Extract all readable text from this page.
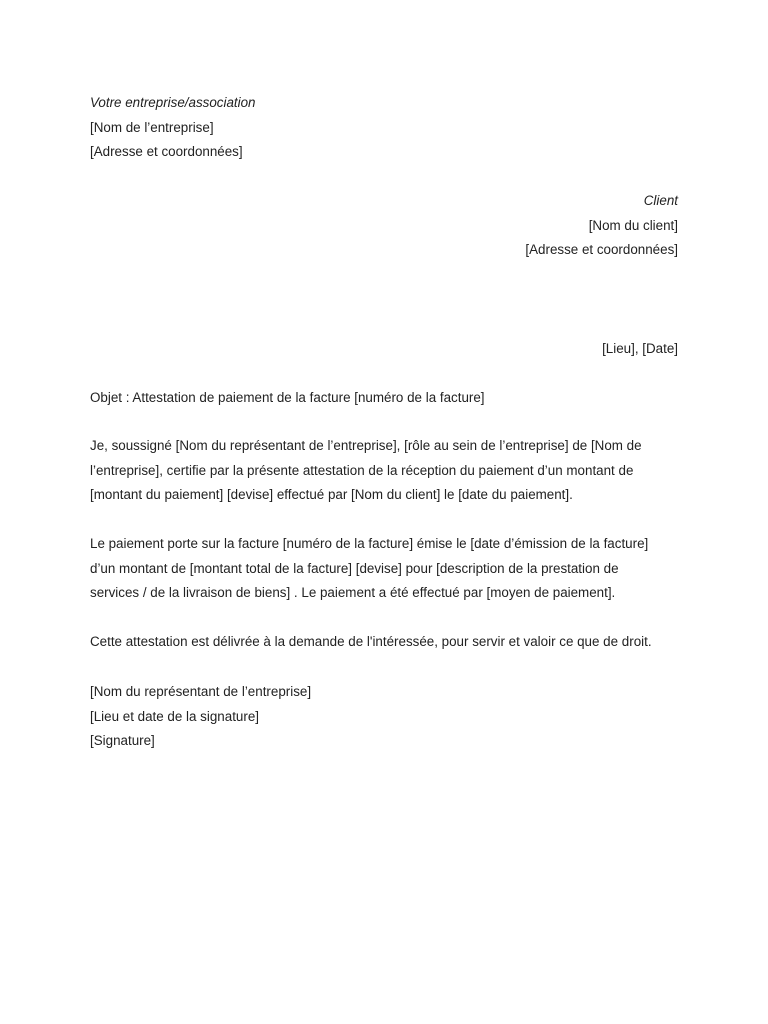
Votre entreprise/association
[Nom de l’entreprise]
[Adresse et coordonnées]
Client
[Nom du client]
[Adresse et coordonnées]
[Lieu], [Date]
Objet : Attestation de paiement de la facture [numéro de la facture]
Je, soussigné [Nom du représentant de l’entreprise], [rôle au sein de l’entreprise] de [Nom de
l’entreprise], certifie par la présente attestation de la réception du paiement d’un montant de
[montant du paiement] [devise] effectué par [Nom du client] le [date du paiement].
Le paiement porte sur la facture [numéro de la facture] émise le [date d’émission de la facture]
d’un montant de [montant total de la facture] [devise] pour [description de la prestation de
services / de la livraison de biens] . Le paiement a été effectué par [moyen de paiement].
Cette attestation est délivrée à la demande de l'intéressée, pour servir et valoir ce que de droit.
[Nom du représentant de l’entreprise]
[Lieu et date de la signature]
[Signature]
